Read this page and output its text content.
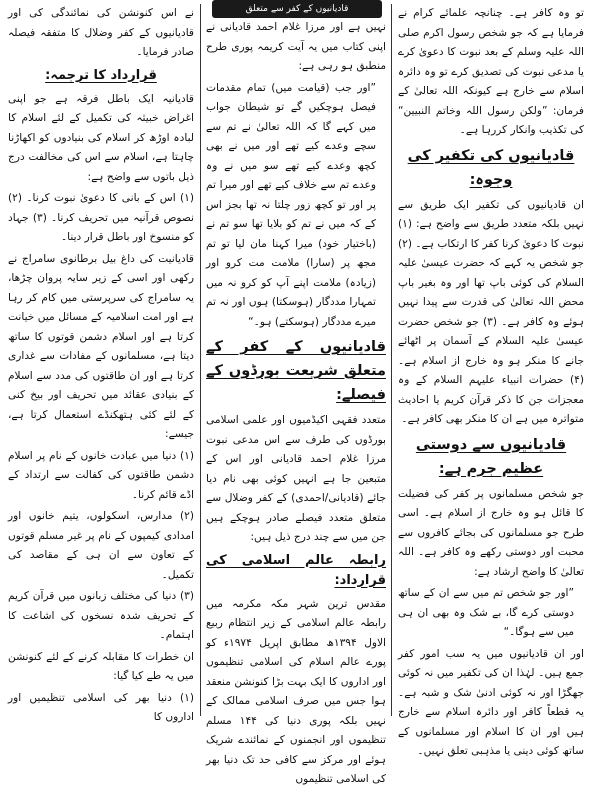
تو وہ کافر ہے۔ چنانچہ علمائے کرام نے فرمایا ہے کہ جو شخص رسول اکرم صلی اللہ علیہ وسلم کے بعد نبوت کا دعویٰ کرے یا مدعی نبوت کی تصدیق کرے تو وہ دائرہ اسلام سے خارج ہے کیونکہ اللہ تعالیٰ کے فرمان: ”ولکن رسول اللہ وخاتم النبیین“ کی تکذیب وانکار کررہا ہے۔

قادیانیوں کی تکفیر کی وجوہ:

ان قادیانیوں کی تکفیر ایک طریق سے نہیں بلکہ متعدد طریق سے واضح ہے: (۱) نبوت کا دعویٰ کرنا کفر کا ارتکاب ہے۔ (۲) جو شخص یہ کہے کہ حضرت عیسیٰ علیہ السلام کی کوئی باپ تھا اور وہ بغیر باپ محض اللہ تعالیٰ کی قدرت سے پیدا نہیں ہوئے وہ کافر ہے۔ (۳) جو شخص حضرت عیسیٰ علیہ السلام کے آسمان پر اٹھائے جانے کا منکر ہو وہ خارج از اسلام ہے۔ (۴) حضرات انبیاء علیہم السلام کے وہ معجزات جن کا ذکر قرآن کریم یا احادیث متواترہ میں ہے ان کا منکر بھی کافر ہے۔

قادیانیوں سے دوستی عظیم جرم ہے:

جو شخص مسلمانوں پر کفر کی فضیلت کا قائل ہو وہ خارج از اسلام ہے۔ اسی طرح جو مسلمانوں کی بجائے کافروں سے محبت اور دوستی رکھے وہ کافر ہے۔ اللہ تعالیٰ کا واضح ارشاد ہے:

”اور جو شخص تم میں سے ان کے ساتھ دوستی کرے گا، بے شک وہ بھی ان ہی میں سے ہوگا۔“

اور ان قادیانیوں میں یہ سب امور کفر جمع ہیں۔ لہٰذا ان کی تکفیر میں نہ کوئی جھگڑا اور نہ کوئی ادنیٰ شک و شبہ ہے۔ یہ قطعاً کافر اور دائرہ اسلام سے خارج ہیں اور ان کا اسلام اور مسلمانوں کے ساتھ کوئی دینی یا مذہبی تعلق نہیں۔

نہیں ہے اور مرزا غلام احمد قادیانی نے اپنی کتاب میں یہ آیت کریمہ پوری طرح منطبق ہو رہی ہے:

”اور جب (قیامت میں) تمام مقدمات فیصل ہوچکیں گے تو شیطان جواب میں کہے گا کہ اللہ تعالیٰ نے تم سے سچے وعدے کیے تھے اور میں نے بھی کچھ وعدے کیے تھے سو میں نے وہ وعدے تم سے خلاف کیے تھے اور میرا تم پر اور تو کچھ زور چلتا نہ تھا بجز اس کے کہ میں نے تم کو بلایا تھا سو تم نے (باختیار خود) میرا کہنا مان لیا تو تم مجھ پر (سارا) ملامت مت کرو اور (زیادہ) ملامت اپنے آپ کو کرو نہ میں تمہارا مددگار (ہوسکتا) ہوں اور نہ تم میرے مددگار (ہوسکتے) ہو۔“

قادیانیوں کے کفر کے متعلق شریعت بورڈوں کے فیصلے:

متعدد فقہی اکیڈمیوں اور علمی اسلامی بورڈوں کی طرف سے اس مدعی نبوت مرزا غلام احمد قادیانی اور اس کے متبعین جا ہے انہیں کوئی بھی نام دیا جائے (قادیانی/احمدی) کے کفر وضلال سے متعلق متعدد فیصلے صادر ہوچکے ہیں جن میں سے چند درج ذیل ہیں:

رابطہ عالم اسلامی کی قرارداد:

مقدس ترین شہر مکہ مکرمہ میں رابطہ عالم اسلامی کے زیر انتظام ربیع الاول ۱۳۹۴ھ مطابق اپریل ۱۹۷۴ء کو پورے عالم اسلام کی اسلامی تنظیموں اور اداروں کا ایک بہت بڑا کنونشن منعقد ہوا جس میں صرف اسلامی ممالک کے نہیں بلکہ پوری دنیا کی ۱۴۴ مسلم تنظیموں اور انجمنوں کے نمائندے شریک ہوئے اور مرکز سے کافی حد تک دنیا بھر کی اسلامی تنظیموں

نے اس کنونشن کی نمائندگی کی اور قادیانیوں کے کفر وضلال کا متفقہ فیصلہ صادر فرمایا۔

قرارداد کا ترجمہ:

قادیانیہ ایک باطل فرقہ ہے جو اپنی اغراض خبیثہ کی تکمیل کے لئے اسلام کا لبادہ اوڑھ کر اسلام کی بنیادوں کو اکھاڑنا چاہتا ہے، اسلام سے اس کی مخالفت درج ذیل باتوں سے واضح ہے:

(۱) اس کے بانی کا دعویٰ نبوت کرنا۔ (۲) نصوص قرآنیہ میں تحریف کرنا۔ (۳) جہاد کو منسوخ اور باطل قرار دینا۔

قادیانیت کی داغ بیل برطانوی سامراج نے رکھی اور اسی کے زیر سایہ پروان چڑھا، یہ سامراج کی سرپرستی میں کام کر رہا ہے اور امت اسلامیہ کے مسائل میں خیانت کرتا ہے اور اسلام دشمن قوتوں کا ساتھ دیتا ہے، مسلمانوں کے مفادات سے غداری کرتا ہے اور ان طاقتوں کی مدد سے اسلام کے بنیادی عقائد میں تحریف اور بیخ کنی کے لئے کئی ہتھکنڈے استعمال کرتا ہے، جیسے:

(۱) دنیا میں عبادت خانوں کے نام پر اسلام دشمن طاقتوں کی کفالت سے ارتداد کے اڈے قائم کرنا۔

(۲) مدارس، اسکولوں، یتیم خانوں اور امدادی کیمپوں کے نام پر غیر مسلم قوتوں کے تعاون سے ان ہی کے مقاصد کی تکمیل۔

(۳) دنیا کی مختلف زبانوں میں قرآن کریم کے تحریف شدہ نسخوں کی اشاعت کا اہتمام۔

ان خطرات کا مقابلہ کرنے کے لئے کنونشن میں یہ طے کیا گیا:

(۱) دنیا بھر کی اسلامی تنظیمیں اور اداروں کا

قادیانیوں کے کفر سے متعلق
